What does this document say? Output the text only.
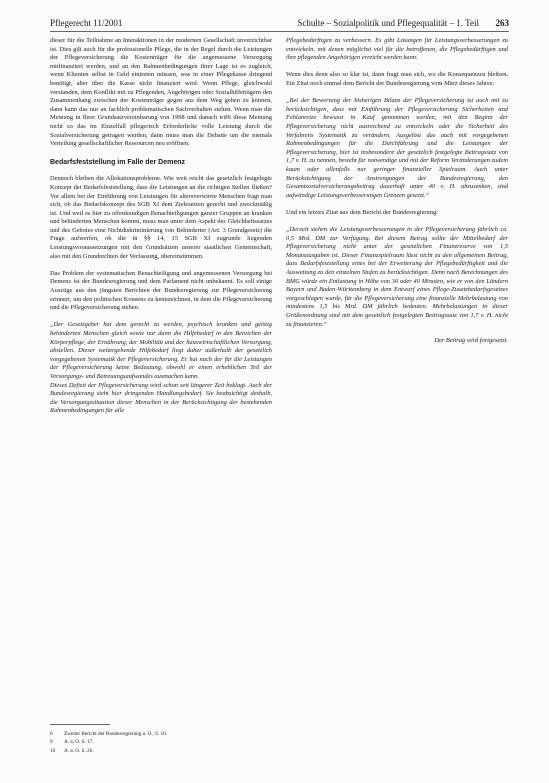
Pflegerecht 11/2001	Schulte – Sozialpolitik und Pflegequalität – 1. Teil 263

dieser für die Teilnahme an Interaktionen in der modernen Gesellschaft unverzichtbar ist. Dies gilt auch für die professionelle Pflege, die in der Regel durch die Leistungen der Pflegeversicherung die Kostenträger für die angemessene Versorgung mitfinanziert werden, und an den Rahmenbedingungen ihrer Lage ist es zugleich, wenn Klienten selbst in Geld eintreten müssen, was in einer Pflegekasse dringend benötigt, aber über die Kasse nicht finanziert wird. Wenn Pflege, gleichwohl verstanden, dem Konflikt mit zu Pflegenden, Angehörigen oder Sozialhilfeträgern den Zusammenhang zwischen der Kostenträger gegen aus dem Weg gehen zu können, dann kann das nur an fachlich problematischen Sachverhalten stehen. Wenn man die Meinung in Ihrer Grundsatzvereinbarung von 1998 und danach trifft diese Meinung nicht so das im Einzelfall pflegerisch Erforderliche volle Leistung durch die Sozialversicherung getragen werden, dann muss man die Debatte um die niemals Verteilung gesellschaftlicher Ressourcen neu eröffnen.

Bedarfsfeststellung im Falle der Demenz

Dennoch bleiben die Allokationsprobleme. Wie weit reicht das gesetzlich festgelegte Konzept der Bedarfsfeststellung, dass die Leistungen an die richtigen Stellen fließen? Vor allem bei der Einführung von Leistungen für altersverwirrte Menschen fragt man sich, ob das Bedarfskonzept des SGB XI dem Zielesetzen gerecht und zweckmäßig ist. Und weil es hier zu offenkundigen Benachteiligungen ganzer Gruppen an kranken und behinderten Menschen kommt, muss man unter dem Aspekt des Gleichheitssatzes und des Gebotes eine Nichtdiskriminierung von Behinderter (Art. 3 Grundgesetz) die Frage aufwerfen, ob die in §§ 14, 15 SGB XI zugrunde liegenden Leistungsvoraussetzungen mit den Grundsätzen unserer staatlichen Gemeinschaft, also mit den Grundrechten der Verfassung, übereinstimmen.

Das Problem der systematischen Benachteiligung und angemessenen Versorgung bei Demenz ist der Bundesregierung und dem Parlament nicht unbekannt. Es soll einige Auszüge aus den jüngsten Berichten der Bundesregierung zur Pflegeversicherung erinnert, um den politischen Konsens zu kennzeichnen, in dem die Pflegeversicherung und die Pflegeversicherung stehen.

„Der Gesetzgeber hat dem gerecht zu werden, psychisch kranken und geistig behinderten Menschen gleich sowie nur dann die Hilfebedarf in den Bereichen der Körperpflege, der Ernährung, der Mobilität und der hauswirtschaftlichen Versorgung, abstellen. Dieser weitergehende Hilfebedarf liegt daher außerhalb der gesetzlich vorgegebenen Systematik der Pflegeversicherung. Er hat nach der für die Leistungen der Pflegeversicherung keine Bedeutung, obwohl er einen erheblichen Teil der Versorgungs- und Betreuungsaufwandes ausmachen kann.

Dieses Defizit der Pflegeversicherung wird schon seit längerer Zeit beklagt. Auch der Bundesregierung sieht hier dringenden Handlungsbedarf. Sie beabsichtigt deshalb, die Versorgungssituation dieser Menschen in der Berücksichtigung der bestehenden Rahmenbedingungen für alle

Pflegebedürftigen zu verbessern. Es gibt Lösungen für Leistungsverbesserungen zu entwickeln, mit denen möglichst viel für die betroffenen, die Pflegebedürftigen und ihre pflegenden Angehörigen erreicht werden kann.

Wenn dies denn also so klar ist, dann fragt man sich, wo die Konsequenzen bleiben. Ein Zitat noch einmal dem Bericht der Bundesregierung vom März dieses Jahres:

„Bei der Bewertung der bisherigen Bilanz der Pflegeversicherung ist auch mit zu berücksichtigen, dass mit Einführung der Pflegeversicherung Sicherheiten und Fehlanreize bewusst in Kauf genommen werden, mit den Beginn der Pflegeversicherung nicht ausreichend zu entwickeln oder die Sicherheit des Verfahrens Systematik zu verändern. Ausgelöst das auch mit vorgegebenen Rahmenbedingungen für die Durchführung und die Leistungen der Pflegeversicherung, hier ist insbesondere der gesetzlich festgelegte Beitragssatz von 1,7 v. H. zu nennen, besteht für notwendige und mit der Reform Veränderungen zudem kaum oder allenfalls nur geringer finanzieller Spielraum. Auch unter Berücksichtigung der Anstrengungen der Bundesregierung, den Gesamtsozialversicherungsbeitrag dauerhaft unter 40 v. H. abzusenken, sind aufwändige Leistungsverbesserungen Grenzen gesetzt.“

Und ein letztes Zitat aus dem Bericht der Bundesregierung:

„Derzeit stehen die Leistungsverbesserungen in der Pflegeversicherung jährlich ca. 0,5 Mrd. DM zur Verfügung. Bei diesem Betrag sollte der Mittelbedarf der Pflegeversicherung nicht unter der gesetzlichen Finanzreserve von 1,5 Monatsausgaben ist. Dieser Finanzspielraum lässt nicht zu den allgemeinen Beitrag, dass Bedarfsfeststellung eines bei der Erweiterung der Pflegebedürftigkeit und die Ausweitung zu den einzelnen Stufen zu berücksichtigen. Denn nach Berechnungen des BMG würde ein Entlastung in Höhe von 30 oder 40 Minuten, wie er von den Ländern Bayern und Baden-Württemberg in dem Entwurf eines Pflege-Zusatzbedarfsgesetzes vorgeschlagen wurde, für die Pflegeversicherung eine finanzielle Mehrbelastung von mindestens 1,5 bis Mrd. DM jährlich bedeuten. Mehrbelastungen in dieser Größenordnung sind mit dem gesetzlich festgelegten Beitragssatz von 1,7 v. H. nicht zu finanzieren.“

Der Beitrag wird fortgesetzt.

8 Zweiter Bericht der Bundesregierung a. O., S. 16.
9 A. a. O. S. 17.
10 A. a. O. S. 26.
